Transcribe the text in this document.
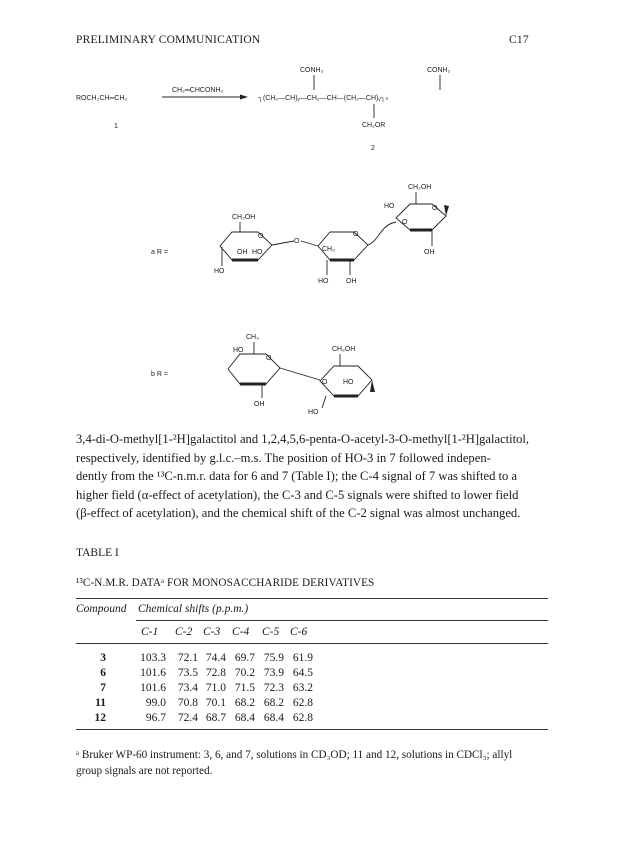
PRELIMINARY COMMUNICATION	C17
ROCH₂CH═CH₂
1
CH₂═CHCONH₂
CONH₂	CONH₂
┐(CH₂—CH)ᵧ—CH₂—CH—(CH₂—CH)ᵧ┐ₙ
CH₂OR
2
a R =
CH₂OH
O
OH HO
HO
O
O
CH₃
HO	OH
CH₂OH
HO	O
O
OH
b R =
CH₃
HO
O
OH
CH₂OH
O HO
HO
3,4-di-O-methyl[1-²H]galactitol and 1,2,4,5,6-penta-O-acetyl-3-O-methyl[1-²H]galactitol,
respectively, identified by g.l.c.–m.s. The position of HO-3 in 7 followed indepen-
dently from the ¹³C-n.m.r. data for 6 and 7 (Table I); the C-4 signal of 7 was shifted to a
higher field (α-effect of acetylation), the C-3 and C-5 signals were shifted to lower field
(β-effect of acetylation), and the chemical shift of the C-2 signal was almost unchanged.
TABLE I
¹³C-N.M.R. DATAᵃ FOR MONOSACCHARIDE DERIVATIVES
Compound Chemical shifts (p.p.m.)
C-1 C-2 C-3 C-4 C-5 C-6
3	103.3	72.1 74.4 69.7 75.9 61.9
6	101.6	73.5 72.8 70.2 73.9 64.5
7	101.6	73.4 71.0 71.5 72.3 63.2
11	99.0	70.8 70.1 68.2 68.2 62.8
12	96.7	72.4 68.7 68.4 68.4 62.8
ᵃ Bruker WP-60 instrument: 3, 6, and 7, solutions in CD₃OD; 11 and 12, solutions in CDCl₃; allyl
group signals are not reported.
